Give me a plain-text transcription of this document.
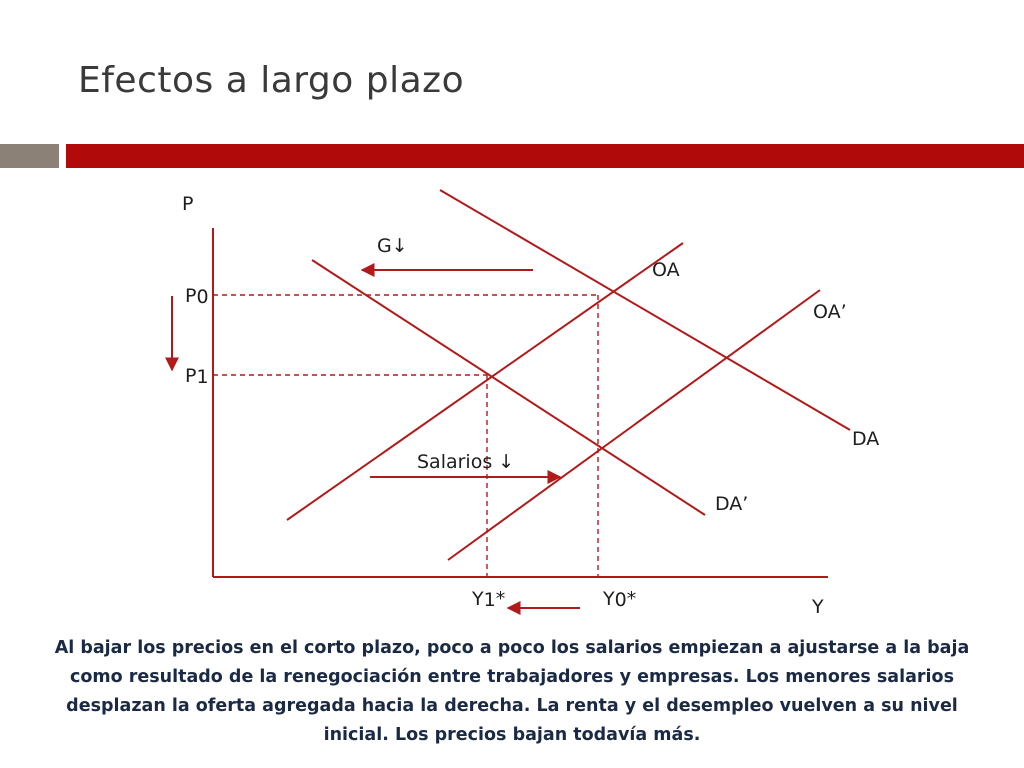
Efectos a largo plazo
P
Y
P0
P1
Y1*	Y0*
OA
OA’
DA
DA’
G↓
Salarios ↓
Al bajar los precios en el corto plazo, poco a poco los salarios empiezan a ajustarse a la baja como resultado de la renegociación entre trabajadores y empresas. Los menores salarios desplazan la oferta agregada hacia la derecha. La renta y el desempleo vuelven a su nivel inicial. Los precios bajan todavía más.
